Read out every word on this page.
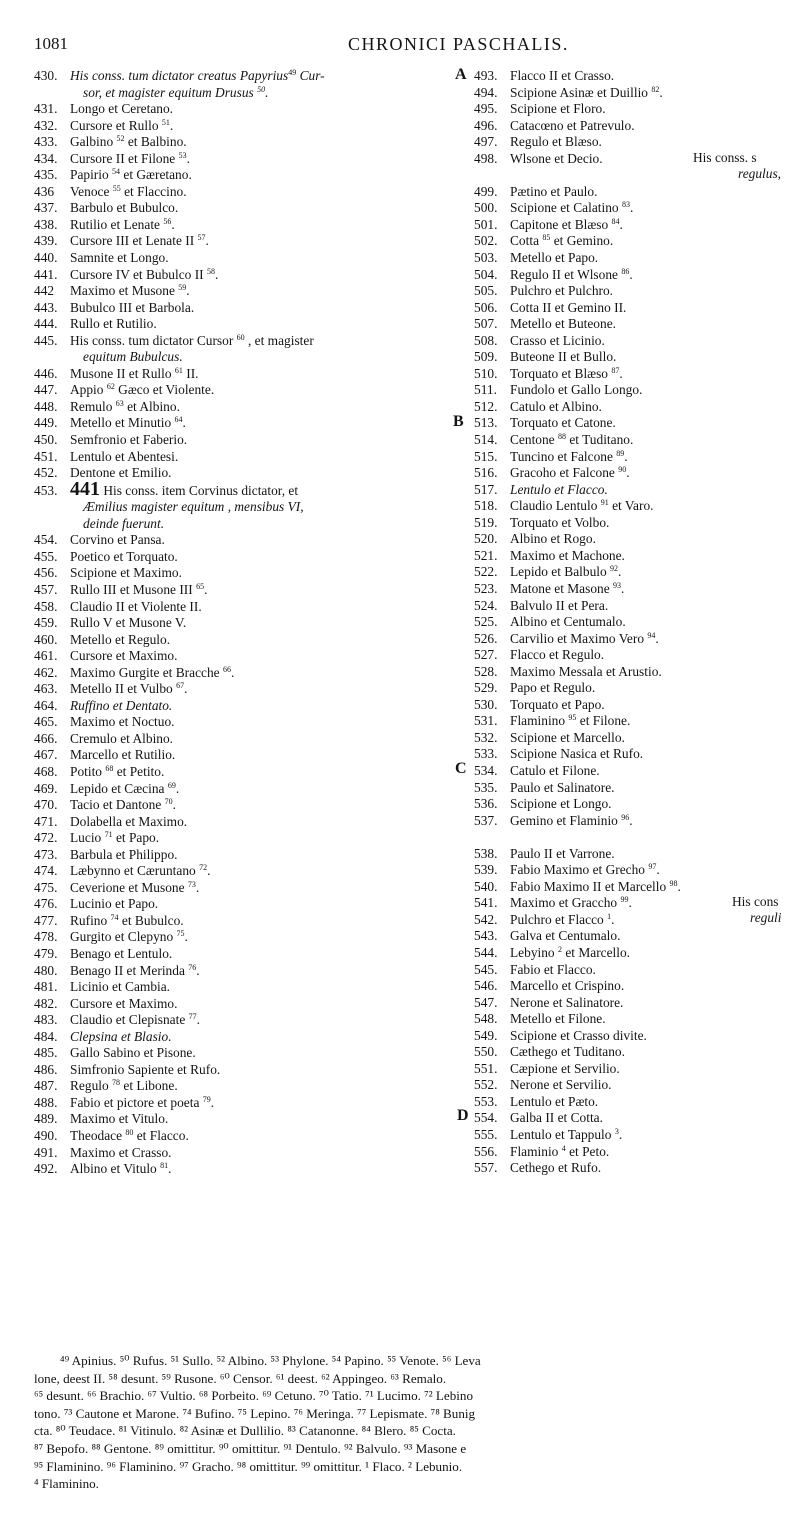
1081	CHRONICI PASCHALIS.
430. His conss. tum dictator creatus Papyrius$^{49}$ Cur-
sor, et magister equitum Drusus $^{50}$.
431. Longo et Ceretano.
432. Cursore et Rullo $^{51}$.
433. Galbino $^{52}$ et Balbino.
434. Cursore II et Filone $^{53}$.
435. Papirio $^{54}$ et Gæretano.
436 Venoce $^{55}$ et Flaccino.
437. Barbulo et Bubulco.
438. Rutilio et Lenate $^{56}$.
439. Cursore III et Lenate II $^{57}$.
440. Samnite et Longo.
441. Cursore IV et Bubulco II $^{58}$.
442 Maximo et Musone $^{59}$.
443. Bubulco III et Barbola.
444. Rullo et Rutilio.
445. His conss. tum dictator Cursor $^{60}$ , et magister
equitum Bubulcus.
446. Musone II et Rullo $^{61}$ II.
447. Appio $^{62}$ Gæco et Violente.
448. Remulo $^{63}$ et Albino.
449. Metello et Minutio $^{64}$.
450. Semfronio et Faberio.
451. Lentulo et Abentesi.
452. Dentone et Emilio.
453. 441 His conss. item Corvinus dictator, et
Æmilius magister equitum , mensibus VI,
deinde fuerunt.
454. Corvino et Pansa.
455. Poetico et Torquato.
456. Scipione et Maximo.
457. Rullo III et Musone III $^{65}$.
458. Claudio II et Violente II.
459. Rullo V et Musone V.
460. Metello et Regulo.
461. Cursore et Maximo.
462. Maximo Gurgite et Bracche $^{66}$.
463. Metello II et Vulbo $^{67}$.
464. Ruffino et Dentato.
465. Maximo et Noctuo.
466. Cremulo et Albino.
467. Marcello et Rutilio.
468. Potito $^{68}$ et Petito.
469. Lepido et Cæcina $^{69}$.
470. Tacio et Dantone $^{70}$.
471. Dolabella et Maximo.
472. Lucio $^{71}$ et Papo.
473. Barbula et Philippo.
474. Læbynno et Cæruntano $^{72}$.
475. Ceverione et Musone $^{73}$.
476. Lucinio et Papo.
477. Rufino $^{74}$ et Bubulco.
478. Gurgito et Clepyno $^{75}$.
479. Benago et Lentulo.
480. Benago II et Merinda $^{76}$.
481. Licinio et Cambia.
482. Cursore et Maximo.
483. Claudio et Clepisnate $^{77}$.
484. Clepsina et Blasio.
485. Gallo Sabino et Pisone.
486. Simfronio Sapiente et Rufo.
487. Regulo $^{78}$ et Libone.
488. Fabio et pictore et poeta $^{79}$.
489. Maximo et Vitulo.
490. Theodace $^{80}$ et Flacco.
491. Maximo et Crasso.
492. Albino et Vitulo $^{81}$.
493. Flacco II et Crasso.
494. Scipione Asinæ et Duillio $^{82}$.
495. Scipione et Floro.
496. Catacœno et Patrevulo.
497. Regulo et Blæso.
498. Wlsone et Decio.
499. Pætino et Paulo.
500. Scipione et Calatino $^{83}$.
501. Capitone et Blæso $^{84}$.
502. Cotta $^{85}$ et Gemino.
503. Metello et Papo.
504. Regulo II et Wlsone $^{86}$.
505. Pulchro et Pulchro.
506. Cotta II et Gemino II.
507. Metello et Buteone.
508. Crasso et Licinio.
509. Buteone II et Bullo.
510. Torquato et Blæso $^{87}$.
511. Fundolo et Gallo Longo.
512. Catulo et Albino.
513. Torquato et Catone.
514. Centone $^{88}$ et Tuditano.
515. Tuncino et Falcone $^{89}$.
516. Gracoho et Falcone $^{90}$.
517. Lentulo et Flacco.
518. Claudio Lentulo $^{91}$ et Varo.
519. Torquato et Volbo.
520. Albino et Rogo.
521. Maximo et Machone.
522. Lepido et Balbulo $^{92}$.
523. Matone et Masone $^{93}$.
524. Balvulo II et Pera.
525. Albino et Centumalo.
526. Carvilio et Maximo Vero $^{94}$.
527. Flacco et Regulo.
528. Maximo Messala et Arustio.
529. Papo et Regulo.
530. Torquato et Papo.
531. Flaminino $^{95}$ et Filone.
532. Scipione et Marcello.
533. Scipione Nasica et Rufo.
534. Catulo et Filone.
535. Paulo et Salinatore.
536. Scipione et Longo.
537. Gemino et Flaminio $^{96}$.
538. Paulo II et Varrone.
539. Fabio Maximo et Grecho $^{97}$.
540. Fabio Maximo II et Marcello $^{98}$.
541. Maximo et Graccho $^{99}$.
542. Pulchro et Flacco $^1$.
543. Galva et Centumalo.
544. Lebyino $^2$ et Marcello.
545. Fabio et Flacco.
546. Marcello et Crispino.
547. Nerone et Salinatore.
548. Metello et Filone.
549. Scipione et Crasso divite.
550. Cæthego et Tuditano.
551. Cæpione et Servilio.
552. Nerone et Servilio.
553. Lentulo et Pæto.
554. Galba II et Cotta.
555. Lentulo et Tappulo $^3$.
556. Flaminio $^4$ et Peto.
557. Cethego et Rufo.
A
B
C
D
His conss. s
regulus,
His cons
reguli
⁴⁹ Apinius. ⁵⁰ Rufus. ⁵¹ Sullo. ⁵² Albino. ⁵³ Phylone. ⁵⁴ Papino. ⁵⁵ Venote. ⁵⁶ Leva
lone, deest II. ⁵⁸ desunt. ⁵⁹ Rusone. ⁶⁰ Censor. ⁶¹ deest. ⁶² Appingeo. ⁶³ Remalo.
⁶⁵ desunt. ⁶⁶ Brachio. ⁶⁷ Vultio. ⁶⁸ Porbeito. ⁶⁹ Cetuno. ⁷⁰ Tatio. ⁷¹ Lucimo. ⁷² Lebino
tono. ⁷³ Cautone et Marone. ⁷⁴ Bufino. ⁷⁵ Lepino. ⁷⁶ Meringa. ⁷⁷ Lepismate. ⁷⁸ Bunig
cta. ⁸⁰ Teudace. ⁸¹ Vitinulo. ⁸² Asinæ et Dullilio. ⁸³ Catanonne. ⁸⁴ Blero. ⁸⁵ Cocta.
⁸⁷ Bepofo. ⁸⁸ Gentone. ⁸⁹ omittitur. ⁹⁰ omittitur. ⁹¹ Dentulo. ⁹² Balvulo. ⁹³ Masone e
⁹⁵ Flaminino. ⁹⁶ Flaminino. ⁹⁷ Gracho. ⁹⁸ omittitur. ⁹⁹ omittitur. ¹ Flaco. ² Lebunio.
⁴ Flaminino.
